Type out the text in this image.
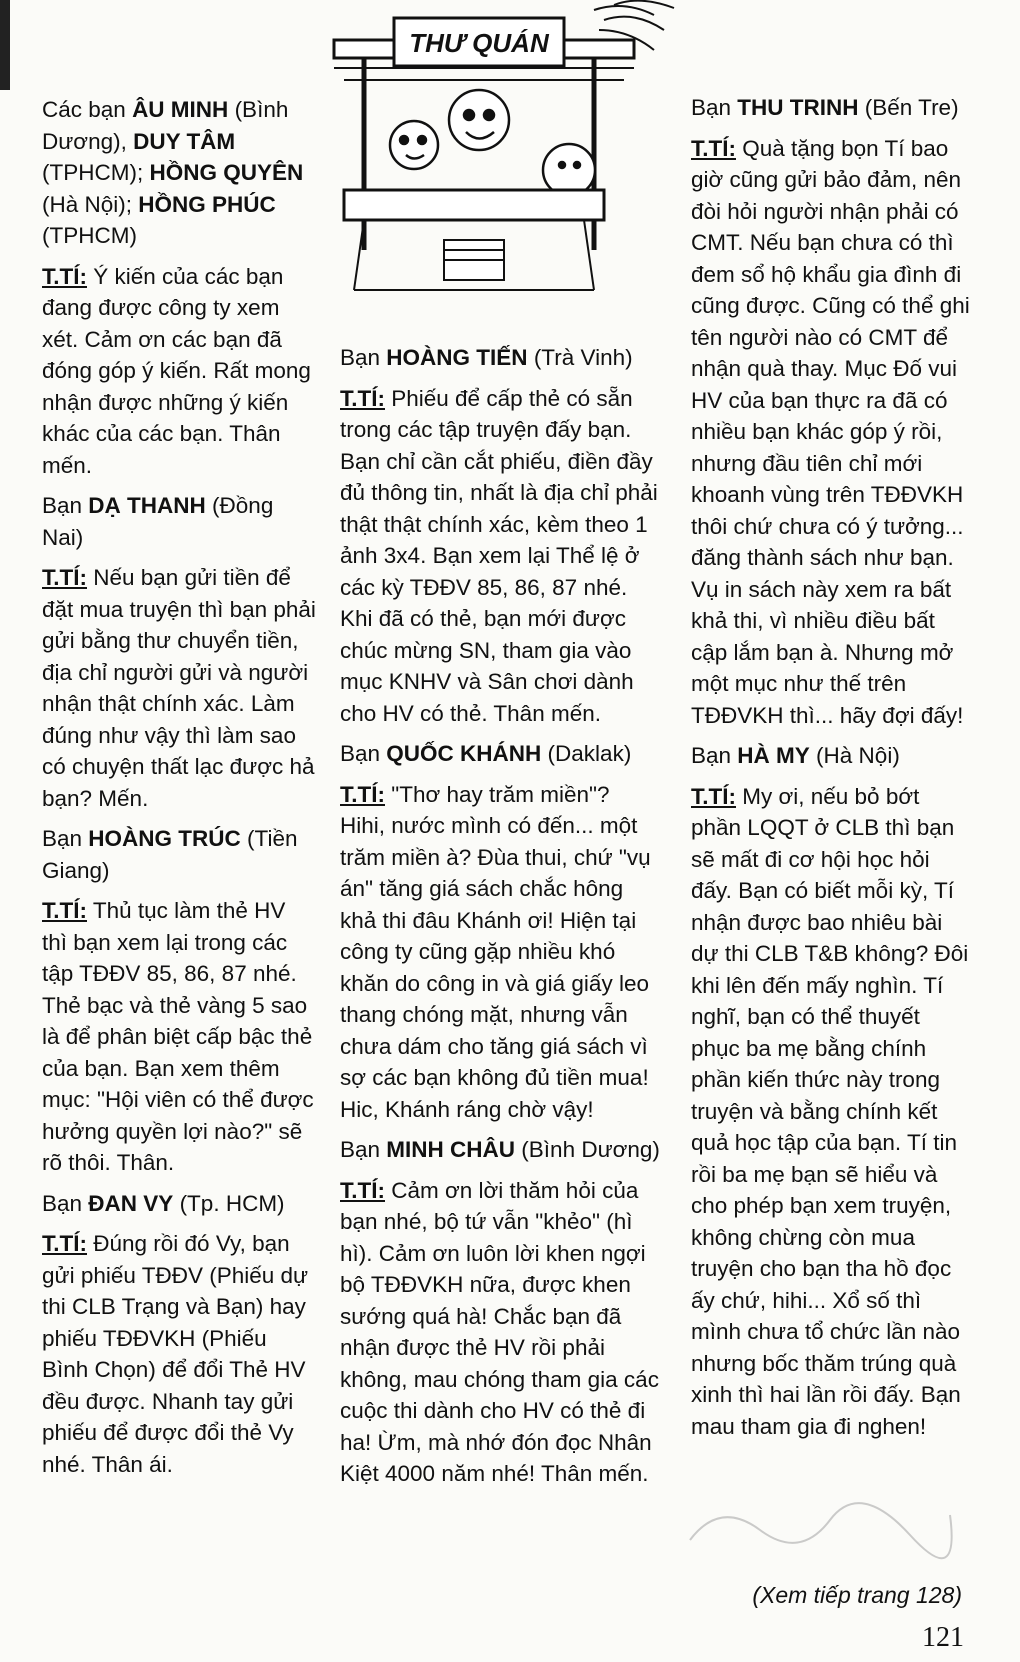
THƯ QUÁN

Các bạn ÂU MINH (Bình Dương), DUY TÂM (TPHCM); HỒNG QUYÊN (Hà Nội); HỒNG PHÚC (TPHCM)

T.TÍ: Ý kiến của các bạn đang được công ty xem xét. Cảm ơn các bạn đã đóng góp ý kiến. Rất mong nhận được những ý kiến khác của các bạn. Thân mến.

Bạn DẠ THANH (Đồng Nai)

T.TÍ: Nếu bạn gửi tiền để đặt mua truyện thì bạn phải gửi bằng thư chuyển tiền, địa chỉ người gửi và người nhận thật chính xác. Làm đúng như vậy thì làm sao có chuyện thất lạc được hả bạn? Mến.

Bạn HOÀNG TRÚC (Tiền Giang)

T.TÍ: Thủ tục làm thẻ HV thì bạn xem lại trong các tập TĐĐV 85, 86, 87 nhé. Thẻ bạc và thẻ vàng 5 sao là để phân biệt cấp bậc thẻ của bạn. Bạn xem thêm mục: "Hội viên có thể được hưởng quyền lợi nào?" sẽ rõ thôi. Thân.

Bạn ĐAN VY (Tp. HCM)

T.TÍ: Đúng rồi đó Vy, bạn gửi phiếu TĐĐV (Phiếu dự thi CLB Trạng và Bạn) hay phiếu TĐĐVKH (Phiếu Bình Chọn) để đổi Thẻ HV đều được. Nhanh tay gửi phiếu để được đổi thẻ Vy nhé. Thân ái.

Bạn HOÀNG TIẾN (Trà Vinh)

T.TÍ: Phiếu để cấp thẻ có sẵn trong các tập truyện đấy bạn. Bạn chỉ cần cắt phiếu, điền đầy đủ thông tin, nhất là địa chỉ phải thật thật chính xác, kèm theo 1 ảnh 3x4. Bạn xem lại Thể lệ ở các kỳ TĐĐV 85, 86, 87 nhé. Khi đã có thẻ, bạn mới được chúc mừng SN, tham gia vào mục KNHV và Sân chơi dành cho HV có thẻ. Thân mến.

Bạn QUỐC KHÁNH (Daklak)

T.TÍ: "Thơ hay trăm miền"? Hihi, nước mình có đến... một trăm miền à? Đùa thui, chứ "vụ án" tăng giá sách chắc hông khả thi đâu Khánh ơi! Hiện tại công ty cũng gặp nhiều khó khăn do công in và giá giấy leo thang chóng mặt, nhưng vẫn chưa dám cho tăng giá sách vì sợ các bạn không đủ tiền mua! Hic, Khánh ráng chờ vậy!

Bạn MINH CHÂU (Bình Dương)

T.TÍ: Cảm ơn lời thăm hỏi của bạn nhé, bộ tứ vẫn "khẻo" (hì hì). Cảm ơn luôn lời khen ngợi bộ TĐĐVKH nữa, được khen sướng quá hà! Chắc bạn đã nhận được thẻ HV rồi phải không, mau chóng tham gia các cuộc thi dành cho HV có thẻ đi ha! Ừm, mà nhớ đón đọc Nhân Kiệt 4000 năm nhé! Thân mến.

Bạn THU TRINH (Bến Tre)

T.TÍ: Quà tặng bọn Tí bao giờ cũng gửi bảo đảm, nên đòi hỏi người nhận phải có CMT. Nếu bạn chưa có thì đem sổ hộ khẩu gia đình đi cũng được. Cũng có thể ghi tên người nào có CMT để nhận quà thay. Mục Đố vui HV của bạn thực ra đã có nhiều bạn khác góp ý rồi, nhưng đầu tiên chỉ mới khoanh vùng trên TĐĐVKH thôi chứ chưa có ý tưởng... đăng thành sách như bạn. Vụ in sách này xem ra bất khả thi, vì nhiều điều bất cập lắm bạn à. Nhưng mở một mục như thế trên TĐĐVKH thì... hãy đợi đấy!

Bạn HÀ MY (Hà Nội)

T.TÍ: My ơi, nếu bỏ bớt phần LQQT ở CLB thì bạn sẽ mất đi cơ hội học hỏi đấy. Bạn có biết mỗi kỳ, Tí nhận được bao nhiêu bài dự thi CLB T&B không? Đôi khi lên đến mấy nghìn. Tí nghĩ, bạn có thể thuyết phục ba mẹ bằng chính phần kiến thức này trong truyện và bằng chính kết quả học tập của bạn. Tí tin rồi ba mẹ bạn sẽ hiểu và cho phép bạn xem truyện, không chừng còn mua truyện cho bạn tha hồ đọc ấy chứ, hihi... Xổ số thì mình chưa tổ chức lần nào nhưng bốc thăm trúng quà xinh thì hai lần rồi đấy. Bạn mau tham gia đi nghen!

(Xem tiếp trang 128)
121
